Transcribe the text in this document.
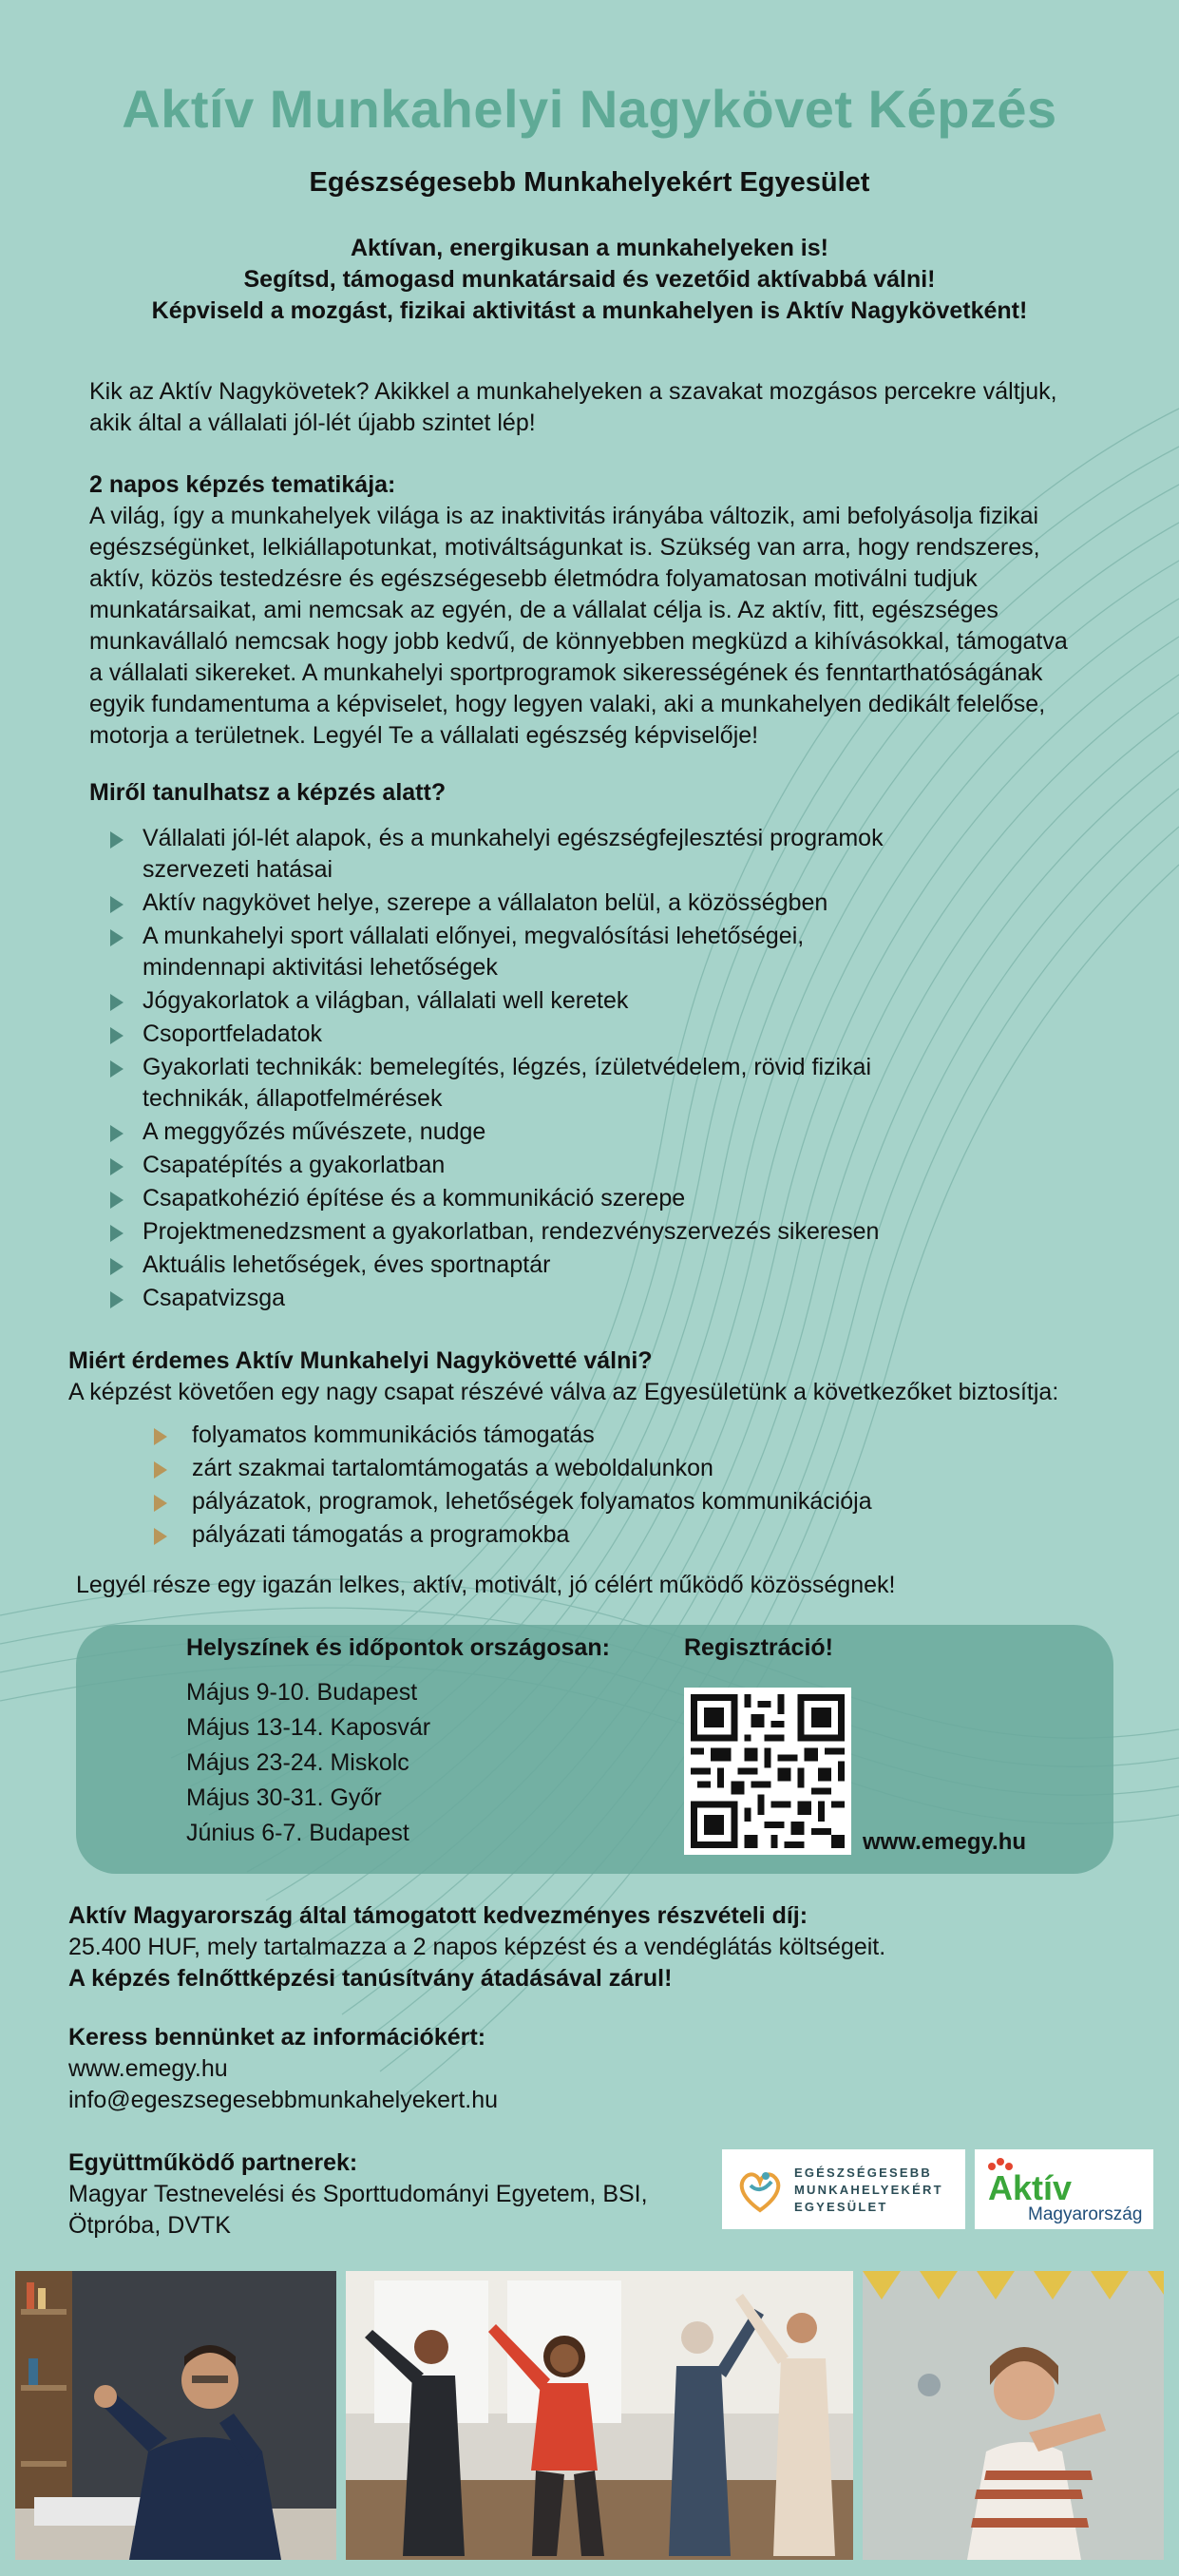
Aktív Munkahelyi Nagykövet Képzés
Egészségesebb Munkahelyekért Egyesület
Aktívan, energikusan a munkahelyeken is!
Segítsd, támogasd munkatársaid és vezetőid aktívabbá válni!
Képviseld a mozgást, fizikai aktivitást a munkahelyen is Aktív Nagykövetként!
Kik az Aktív Nagykövetek? Akikkel a munkahelyeken a szavakat mozgásos percekre váltjuk,
akik által a vállalati jól-lét újabb szintet lép!
2 napos képzés tematikája:
A világ, így a munkahelyek világa is az inaktivitás irányába változik, ami befolyásolja fizikai
egészségünket, lelkiállapotunkat, motiváltságunkat is. Szükség van arra, hogy rendszeres,
aktív, közös testedzésre és egészségesebb életmódra folyamatosan motiválni tudjuk
munkatársaikat, ami nemcsak az egyén, de a vállalat célja is. Az aktív, fitt, egészséges
munkavállaló nemcsak hogy jobb kedvű, de könnyebben megküzd a kihívásokkal, támogatva
a vállalati sikereket. A munkahelyi sportprogramok sikerességének és fenntarthatóságának
egyik fundamentuma a képviselet, hogy legyen valaki, aki a munkahelyen dedikált felelőse,
motorja a területnek. Legyél Te a vállalati egészség képviselője!
Miről tanulhatsz a képzés alatt?
Vállalati jól-lét alapok, és a munkahelyi egészségfejlesztési programok
szervezeti hatásai
Aktív nagykövet helye, szerepe a vállalaton belül, a közösségben
A munkahelyi sport vállalati előnyei, megvalósítási lehetőségei,
mindennapi aktivitási lehetőségek
Jógyakorlatok a világban, vállalati well keretek
Csoportfeladatok
Gyakorlati technikák: bemelegítés, légzés, ízületvédelem, rövid fizikai
technikák, állapotfelmérések
A meggyőzés művészete, nudge
Csapatépítés a gyakorlatban
Csapatkohézió építése és a kommunikáció szerepe
Projektmenedzsment a gyakorlatban, rendezvényszervezés sikeresen
Aktuális lehetőségek, éves sportnaptár
Csapatvizsga
Miért érdemes Aktív Munkahelyi Nagykövetté válni?
A képzést követően egy nagy csapat részévé válva az Egyesületünk a következőket biztosítja:
folyamatos kommunikációs támogatás
zárt szakmai tartalomtámogatás a weboldalunkon
pályázatok, programok, lehetőségek folyamatos kommunikációja
pályázati támogatás a programokba
Legyél része egy igazán lelkes, aktív, motivált, jó célért működő közösségnek!
Helyszínek és időpontok országosan:
Május 9-10. Budapest
Május 13-14. Kaposvár
Május 23-24. Miskolc
Május 30-31. Győr
Június 6-7. Budapest
Regisztráció!
www.emegy.hu
Aktív Magyarország által támogatott kedvezményes részvételi díj:
25.400 HUF, mely tartalmazza a 2 napos képzést és a vendéglátás költségeit.
A képzés felnőttképzési tanúsítvány átadásával zárul!
Keress bennünket az információkért:
www.emegy.hu
info@egeszsegesebbmunkahelyekert.hu
Együttműködő partnerek:
Magyar Testnevelési és Sporttudományi Egyetem, BSI,
Ötpróba, DVTK
EGÉSZSÉGESEBB
MUNKAHELYEKÉRT
EGYESÜLET	Aktív
Magyarország
